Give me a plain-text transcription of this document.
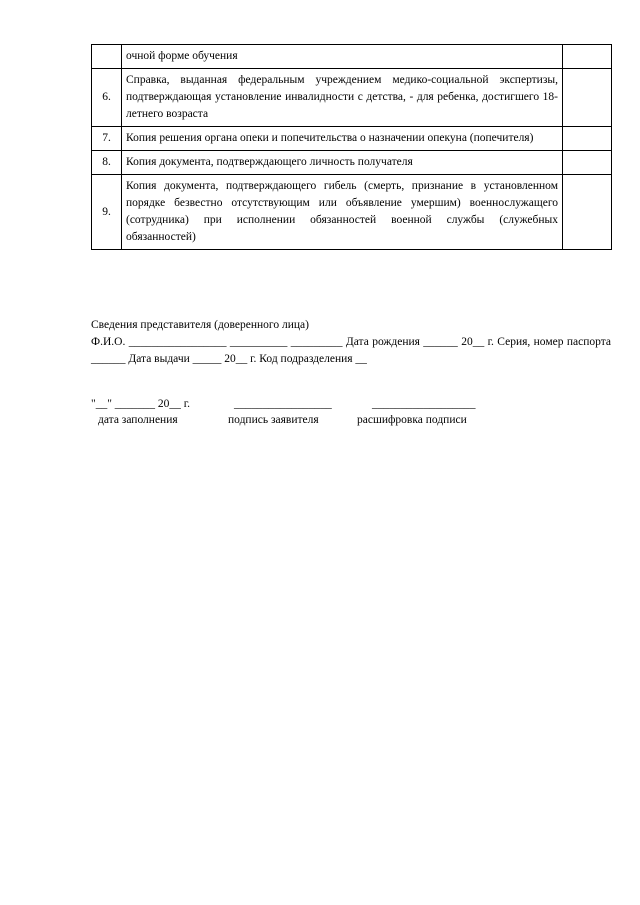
	очной форме обучения	
6.	Справка, выданная федеральным учреждением медико-социальной экспертизы, подтверждающая установление инвалидности с детства, - для ребенка, достигшего 18-летнего возраста	
7.	Копия решения органа опеки и попечительства о назначении опекуна (попечителя)	
8.	Копия документа, подтверждающего личность получателя	
9.	Копия документа, подтверждающего гибель (смерть, признание в установленном порядке безвестно отсутствующим или объявление умершим) военнослужащего (сотрудника) при исполнении обязанностей военной службы (служебных обязанностей)	
Сведения представителя (доверенного лица)
Ф.И.О. _________________ __________ _________ Дата рождения ______ 20__ г. Серия, номер паспорта ______ Дата выдачи _____ 20__ г. Код подразделения __
"__" _______ 20__ г.	_________________	__________________
дата заполнения	подпись заявителя	расшифровка подписи
